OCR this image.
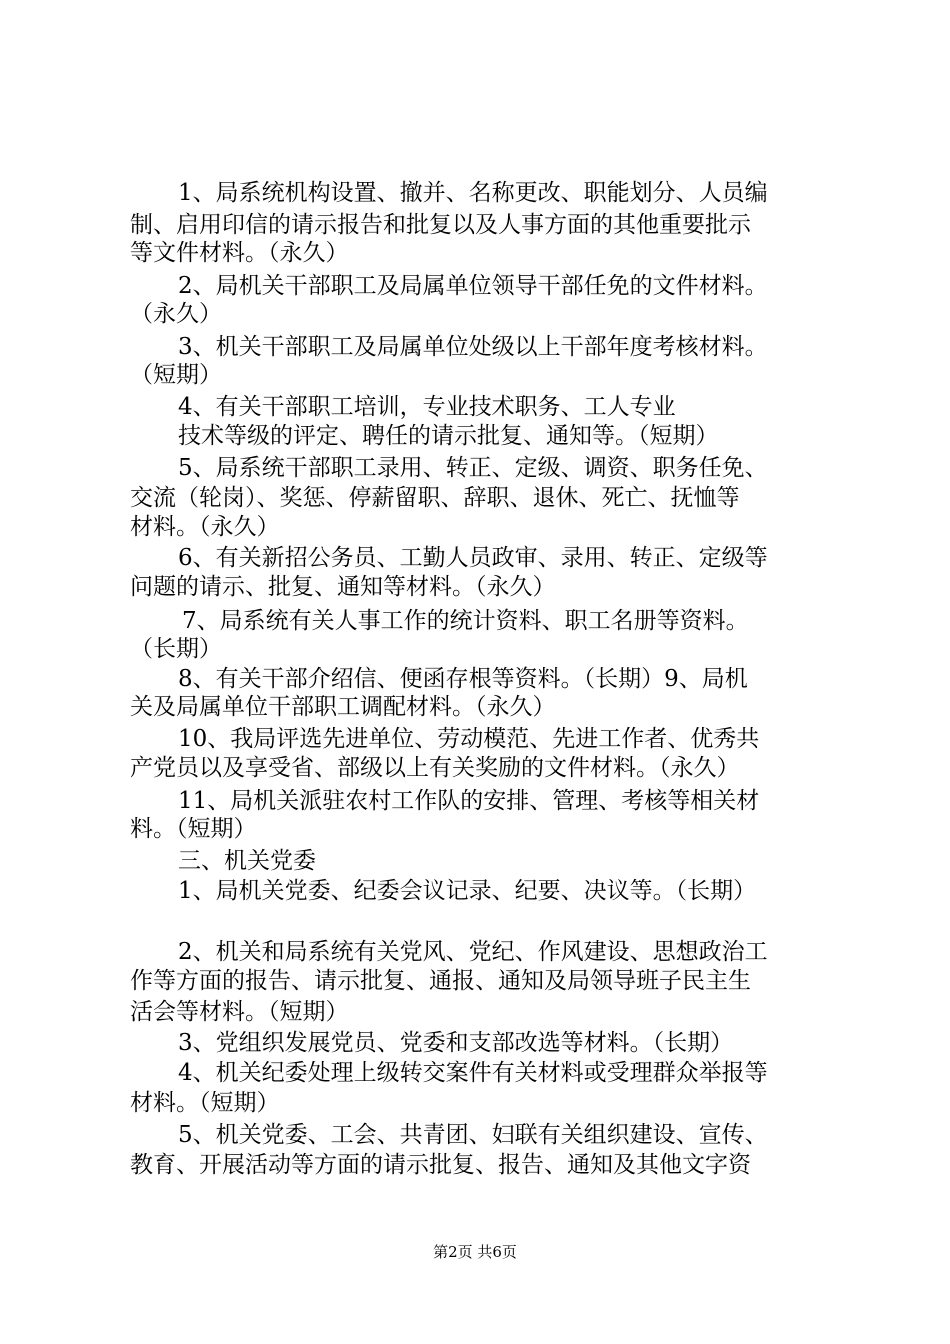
1、局系统机构设置、撤并、名称更改、职能划分、人员编
制、启用印信的请示报告和批复以及人事方面的其他重要批示
等文件材料。（永久）
2、局机关干部职工及局属单位领导干部任免的文件材料。
（永久）
3、机关干部职工及局属单位处级以上干部年度考核材料。
（短期）
4、有关干部职工培训，专业技术职务、工人专业
技术等级的评定、聘任的请示批复、通知等。（短期）
5、局系统干部职工录用、转正、定级、调资、职务任免、
交流（轮岗）、奖惩、停薪留职、辞职、退休、死亡、抚恤等
材料。（永久）
6、有关新招公务员、工勤人员政审、录用、转正、定级等
问题的请示、批复、通知等材料。（永久）
7、局系统有关人事工作的统计资料、职工名册等资料。
（长期）
8、有关干部介绍信、便函存根等资料。（长期）9、局机
关及局属单位干部职工调配材料。（永久）
10、我局评选先进单位、劳动模范、先进工作者、优秀共
产党员以及享受省、部级以上有关奖励的文件材料。（永久）
11、局机关派驻农村工作队的安排、管理、考核等相关材
料。（短期）
三、机关党委
1、局机关党委、纪委会议记录、纪要、决议等。（长期）
2、机关和局系统有关党风、党纪、作风建设、思想政治工
作等方面的报告、请示批复、通报、通知及局领导班子民主生
活会等材料。（短期）
3、党组织发展党员、党委和支部改选等材料。（长期）
4、机关纪委处理上级转交案件有关材料或受理群众举报等
材料。（短期）
5、机关党委、工会、共青团、妇联有关组织建设、宣传、
教育、开展活动等方面的请示批复、报告、通知及其他文字资
第2页 共6页
